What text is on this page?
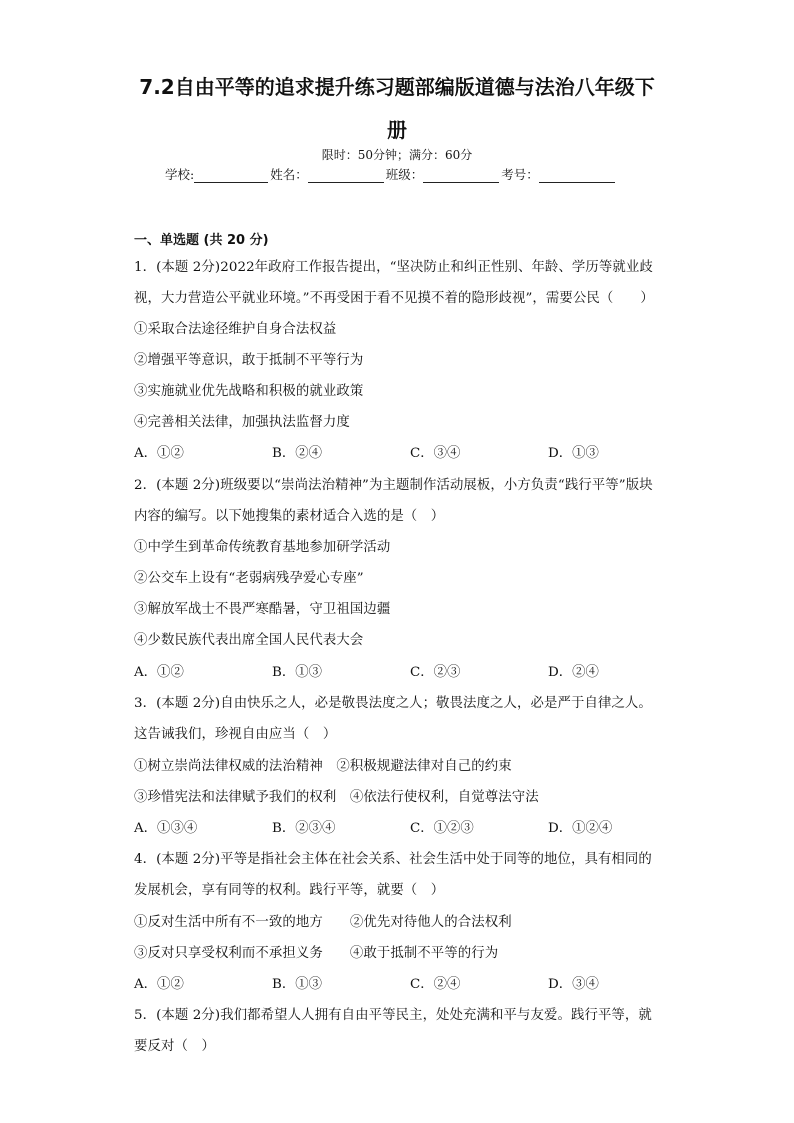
7.2自由平等的追求提升练习题部编版道德与法治八年级下
册
限时：50分钟；满分：60分
学校:	姓名：	班级：	考号：
一、单选题 (共 20 分)
1．(本题 2分)2022年政府工作报告提出，“坚决防止和纠正性别、年龄、学历等就业歧
视，大力营造公平就业环境。”不再受困于看不见摸不着的隐形歧视”，需要公民（　　）
①采取合法途径维护自身合法权益
②增强平等意识，敢于抵制不平等行为
③实施就业优先战略和积极的就业政策
④完善相关法律，加强执法监督力度
A．①②	B．②④	C．③④	D．①③
2．(本题 2分)班级要以“崇尚法治精神”为主题制作活动展板，小方负责“践行平等”版块
内容的编写。以下她搜集的素材适合入选的是（　）
①中学生到革命传统教育基地参加研学活动
②公交车上设有“老弱病残孕爱心专座”
③解放军战士不畏严寒酷暑，守卫祖国边疆
④少数民族代表出席全国人民代表大会
A．①②	B．①③	C．②③	D．②④
3．(本题 2分)自由快乐之人，必是敬畏法度之人；敬畏法度之人，必是严于自律之人。
这告诫我们，珍视自由应当（　）
①树立崇尚法律权威的法治精神　②积极规避法律对自己的约束
③珍惜宪法和法律赋予我们的权利　④依法行使权利，自觉尊法守法
A．①③④	B．②③④	C．①②③	D．①②④
4．(本题 2分)平等是指社会主体在社会关系、社会生活中处于同等的地位，具有相同的
发展机会，享有同等的权利。践行平等，就要（　）
①反对生活中所有不一致的地方　　②优先对待他人的合法权利
③反对只享受权利而不承担义务　　④敢于抵制不平等的行为
A．①②	B．①③	C．②④	D．③④
5．(本题 2分)我们都希望人人拥有自由平等民主，处处充满和平与友爱。践行平等，就
要反对（　）
